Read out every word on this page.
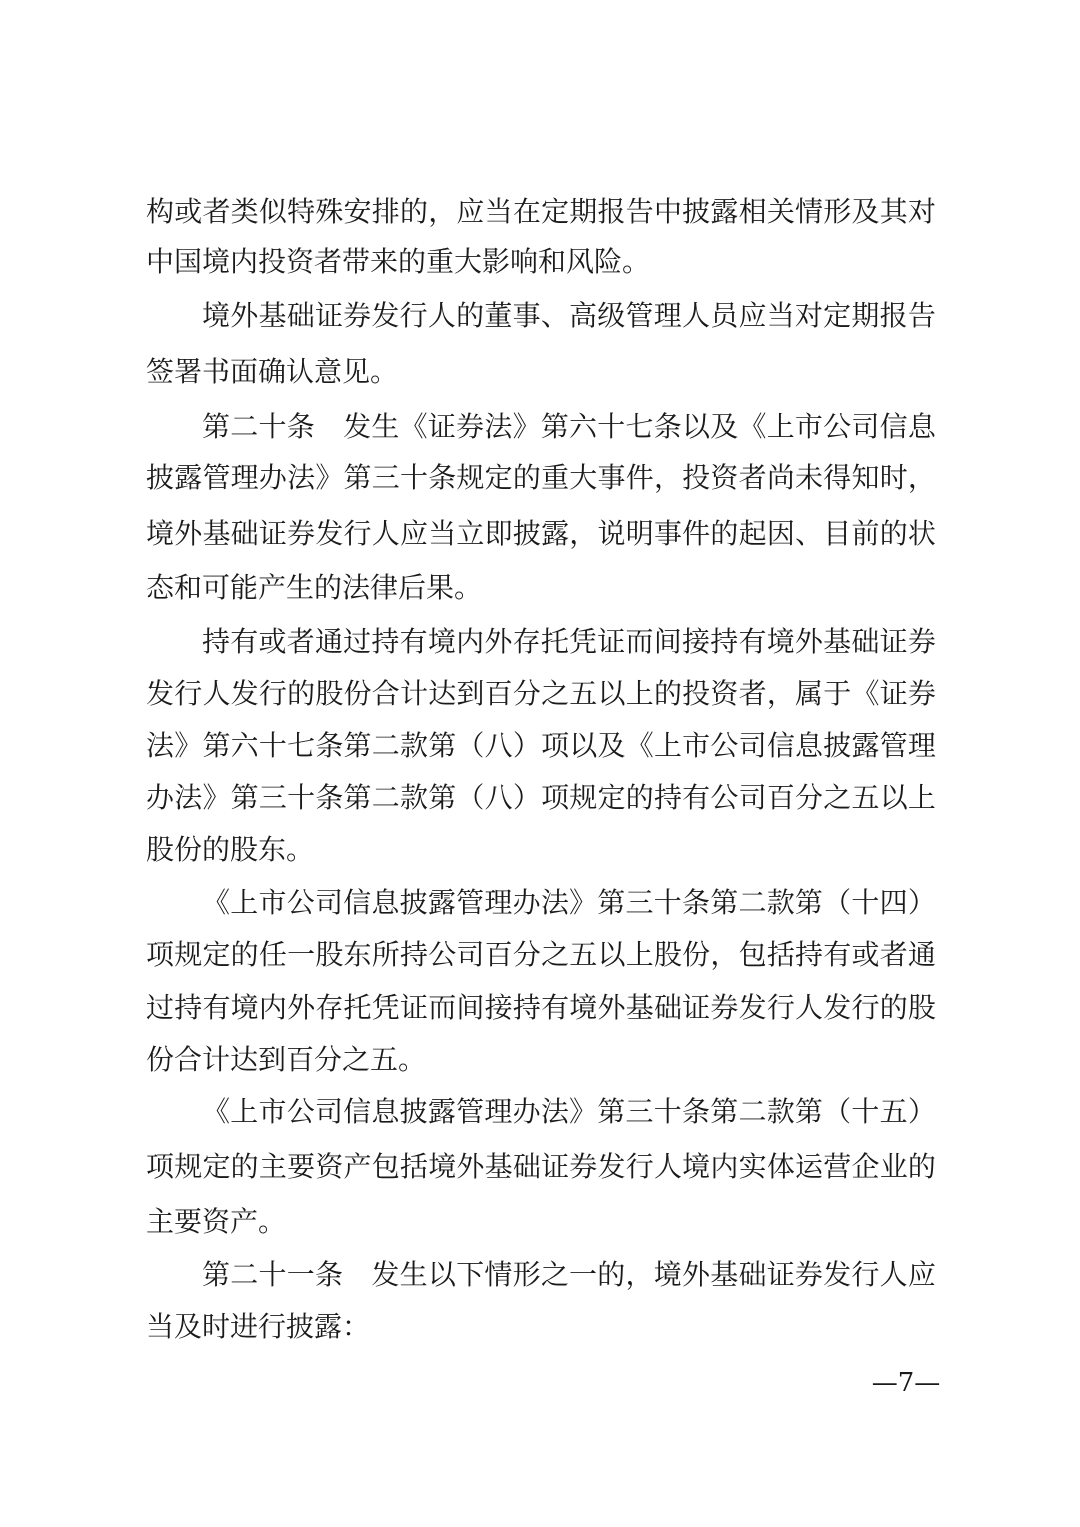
构 或 者 类 似 特 殊 安 排 的 ， 应 当 在 定 期 报 告 中 披 露 相 关 情 形 及 其 对
中国境内投资者带来的重大影响和风险。
境 外 基 础 证 券 发 行 人 的 董 事 、 高 级 管 理 人 员 应 当 对 定 期 报 告
签署书面确认意见。
第 二 十 条
　 发 生 《 证 券 法 》 第 六 十 七 条 以 及 《 上 市 公 司 信 息
披 露 管 理 办 法 》 第 三 十 条 规 定 的 重 大 事 件 ， 投 资 者 尚 未 得 知 时 ，
境 外 基 础 证 券 发 行 人 应 当 立 即 披 露 ， 说 明 事 件 的 起 因 、 目 前 的 状
态和可能产生的法律后果。
持 有 或 者 通 过 持 有 境 内 外 存 托 凭 证 而 间 接 持 有 境 外 基 础 证 券
发 行 人 发 行 的 股 份 合 计 达 到 百 分 之 五 以 上 的 投 资 者 ， 属 于 《 证 券
法 》 第 六 十 七 条 第 二 款 第 （ 八 ） 项 以 及 《 上 市 公 司 信 息 披 露 管 理
办 法 》 第 三 十 条 第 二 款 第 （ 八 ） 项 规 定 的 持 有 公 司 百 分 之 五 以 上
股份的股东。
《 上 市 公 司 信 息 披 露 管 理 办 法 》 第 三 十 条 第 二 款 第 （ 十 四 ）
项 规 定 的 任 一 股 东 所 持 公 司 百 分 之 五 以 上 股 份 ， 包 括 持 有 或 者 通
过 持 有 境 内 外 存 托 凭 证 而 间 接 持 有 境 外 基 础 证 券 发 行 人 发 行 的 股
份合计达到百分之五。
《 上 市 公 司 信 息 披 露 管 理 办 法 》 第 三 十 条 第 二 款 第 （ 十 五 ）
项 规 定 的 主 要 资 产 包 括 境 外 基 础 证 券 发 行 人 境 内 实 体 运 营 企 业 的
主要资产。
第 二 十 一 条
　 发 生 以 下 情 形 之 一 的 ， 境 外 基 础 证 券 发 行 人 应
当及时进行披露：
—7—
